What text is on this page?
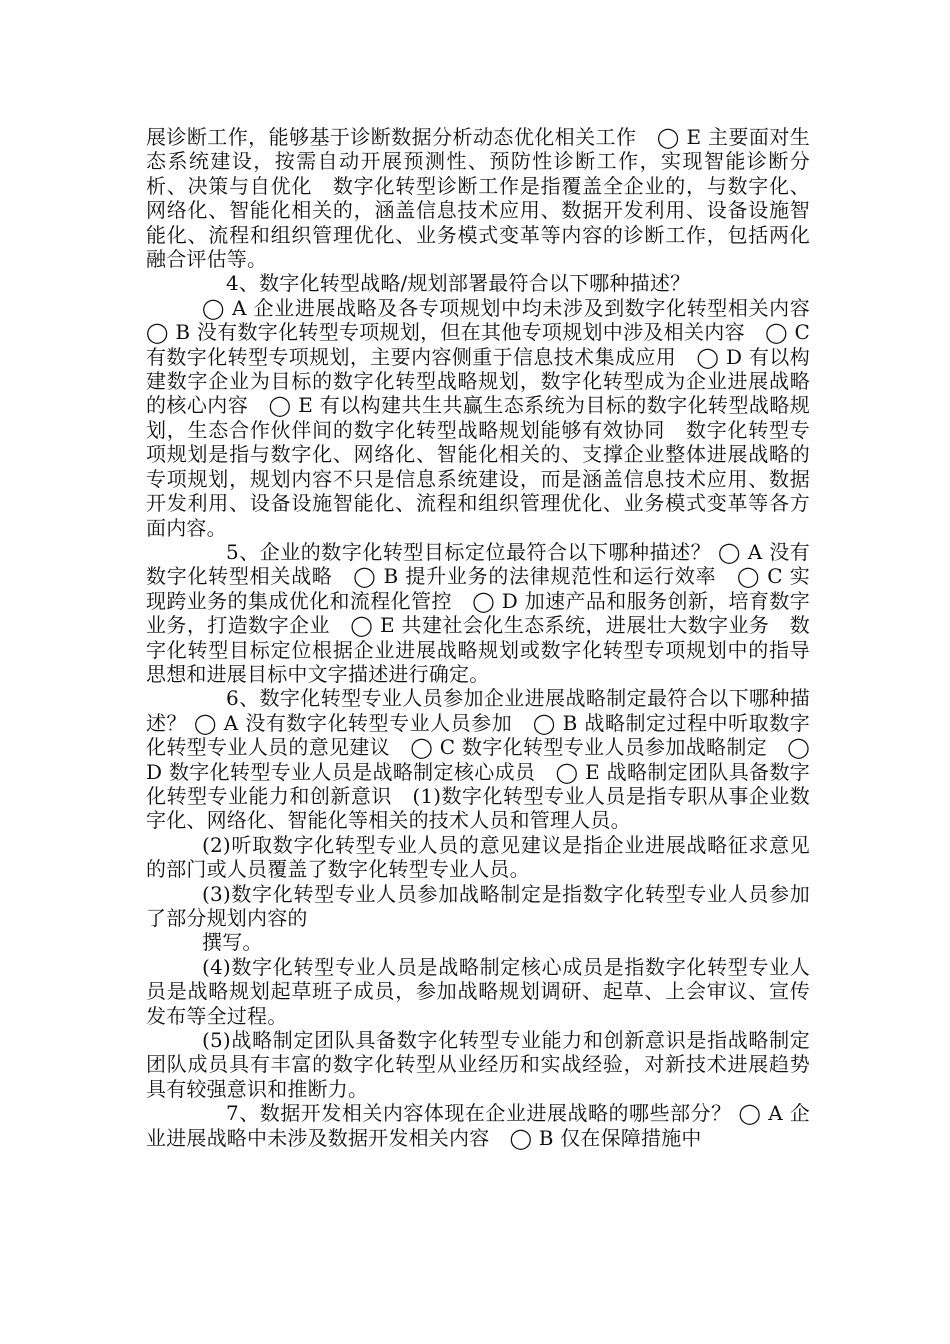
展诊断工作，能够基于诊断数据分析动态优化相关工作　◯ E 主要面对生态系统建设，按需自动开展预测性、预防性诊断工作，实现智能诊断分析、决策与自优化　数字化转型诊断工作是指覆盖全企业的，与数字化、网络化、智能化相关的，涵盖信息技术应用、数据开发利用、设备设施智能化、流程和组织管理优化、业务模式变革等内容的诊断工作，包括两化融合评估等。

4、数字化转型战略/规划部署最符合以下哪种描述？

◯ A 企业进展战略及各专项规划中均未涉及到数字化转型相关内容　◯ B 没有数字化转型专项规划，但在其他专项规划中涉及相关内容　◯ C 有数字化转型专项规划，主要内容侧重于信息技术集成应用　◯ D 有以构建数字企业为目标的数字化转型战略规划，数字化转型成为企业进展战略的核心内容　◯ E 有以构建共生共赢生态系统为目标的数字化转型战略规划，生态合作伙伴间的数字化转型战略规划能够有效协同　数字化转型专项规划是指与数字化、网络化、智能化相关的、支撑企业整体进展战略的专项规划，规划内容不只是信息系统建设，而是涵盖信息技术应用、数据开发利用、设备设施智能化、流程和组织管理优化、业务模式变革等各方面内容。

5、企业的数字化转型目标定位最符合以下哪种描述？ ◯ A 没有数字化转型相关战略　◯ B 提升业务的法律规范性和运行效率　◯ C 实现跨业务的集成优化和流程化管控　◯ D 加速产品和服务创新，培育数字业务，打造数字企业　◯ E 共建社会化生态系统，进展壮大数字业务　数字化转型目标定位根据企业进展战略规划或数字化转型专项规划中的指导思想和进展目标中文字描述进行确定。

6、数字化转型专业人员参加企业进展战略制定最符合以下哪种描述？ ◯ A 没有数字化转型专业人员参加　◯ B 战略制定过程中听取数字化转型专业人员的意见建议　◯ C 数字化转型专业人员参加战略制定　◯ D 数字化转型专业人员是战略制定核心成员　◯ E 战略制定团队具备数字化转型专业能力和创新意识　(1)数字化转型专业人员是指专职从事企业数字化、网络化、智能化等相关的技术人员和管理人员。

(2)听取数字化转型专业人员的意见建议是指企业进展战略征求意见的部门或人员覆盖了数字化转型专业人员。

(3)数字化转型专业人员参加战略制定是指数字化转型专业人员参加了部分规划内容的

撰写。

(4)数字化转型专业人员是战略制定核心成员是指数字化转型专业人员是战略规划起草班子成员，参加战略规划调研、起草、上会审议、宣传发布等全过程。

(5)战略制定团队具备数字化转型专业能力和创新意识是指战略制定团队成员具有丰富的数字化转型从业经历和实战经验，对新技术进展趋势具有较强意识和推断力。

7、数据开发相关内容体现在企业进展战略的哪些部分？ ◯ A 企业进展战略中未涉及数据开发相关内容　◯ B 仅在保障措施中
